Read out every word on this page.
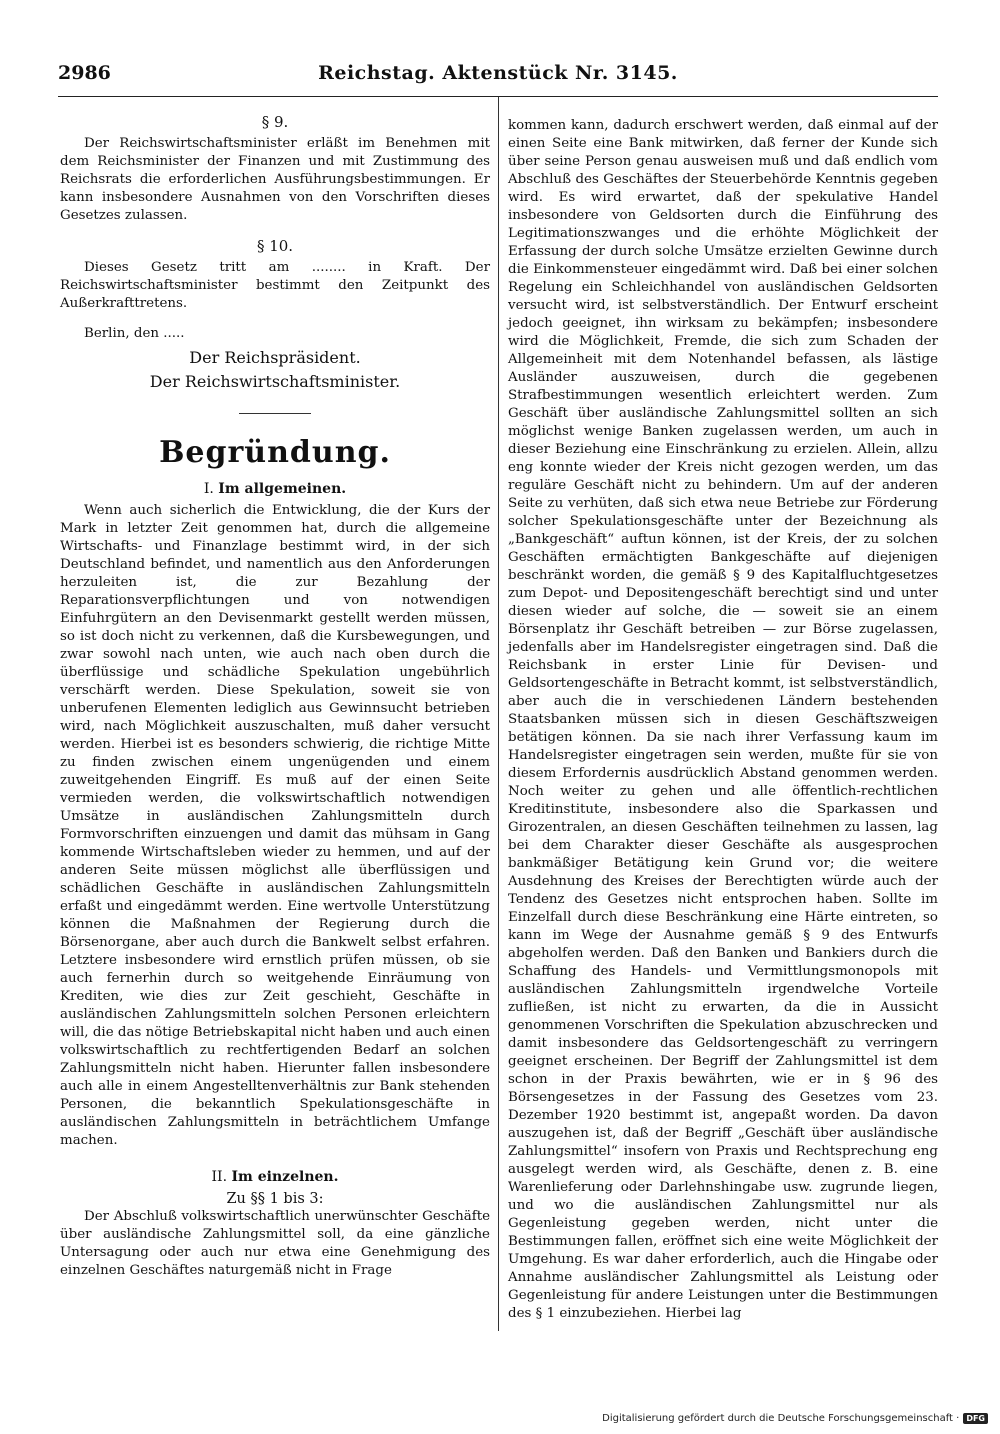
2986	Reichstag. Aktenstück Nr. 3145.
§ 9.

Der Reichswirtschaftsminister erläßt im Benehmen mit dem Reichsminister der Finanzen und mit Zustimmung des Reichsrats die erforderlichen Ausführungsbestimmungen. Er kann insbesondere Ausnahmen von den Vorschriften dieses Gesetzes zulassen.

§ 10.

Dieses Gesetz tritt am ........ in Kraft. Der Reichswirtschaftsminister bestimmt den Zeitpunkt des Außerkrafttretens.

Berlin, den .....

Der Reichspräsident.
Der Reichswirtschaftsminister.
Begründung.
I. Im allgemeinen.

Wenn auch sicherlich die Entwicklung, die der Kurs der Mark in letzter Zeit genommen hat, durch die allgemeine Wirtschafts- und Finanzlage bestimmt wird, in der sich Deutschland befindet, und namentlich aus den Anforderungen herzuleiten ist, die zur Bezahlung der Reparationsverpflichtungen und von notwendigen Einfuhrgütern an den Devisenmarkt gestellt werden müssen, so ist doch nicht zu verkennen, daß die Kursbewegungen, und zwar sowohl nach unten, wie auch nach oben durch die überflüssige und schädliche Spekulation ungebührlich verschärft werden. Diese Spekulation, soweit sie von unberufenen Elementen lediglich aus Gewinnsucht betrieben wird, nach Möglichkeit auszuschalten, muß daher versucht werden. Hierbei ist es besonders schwierig, die richtige Mitte zu finden zwischen einem ungenügenden und einem zuweitgehenden Eingriff. Es muß auf der einen Seite vermieden werden, die volkswirtschaftlich notwendigen Umsätze in ausländischen Zahlungsmitteln durch Formvorschriften einzuengen und damit das mühsam in Gang kommende Wirtschaftsleben wieder zu hemmen, und auf der anderen Seite müssen möglichst alle überflüssigen und schädlichen Geschäfte in ausländischen Zahlungsmitteln erfaßt und eingedämmt werden. Eine wertvolle Unterstützung können die Maßnahmen der Regierung durch die Börsenorgane, aber auch durch die Bankwelt selbst erfahren. Letztere insbesondere wird ernstlich prüfen müssen, ob sie auch fernerhin durch so weitgehende Einräumung von Krediten, wie dies zur Zeit geschieht, Geschäfte in ausländischen Zahlungsmitteln solchen Personen erleichtern will, die das nötige Betriebskapital nicht haben und auch einen volkswirtschaftlich zu rechtfertigenden Bedarf an solchen Zahlungsmitteln nicht haben. Hierunter fallen insbesondere auch alle in einem Angestelltenverhältnis zur Bank stehenden Personen, die bekanntlich Spekulationsgeschäfte in ausländischen Zahlungsmitteln in beträchtlichem Umfange machen.

II. Im einzelnen.
Zu §§ 1 bis 3:

Der Abschluß volkswirtschaftlich unerwünschter Geschäfte über ausländische Zahlungsmittel soll, da eine gänzliche Untersagung oder auch nur etwa eine Genehmigung des einzelnen Geschäftes naturgemäß nicht in Frage

kommen kann, dadurch erschwert werden, daß einmal auf der einen Seite eine Bank mitwirken, daß ferner der Kunde sich über seine Person genau ausweisen muß und daß endlich vom Abschluß des Geschäftes der Steuerbehörde Kenntnis gegeben wird. Es wird erwartet, daß der spekulative Handel insbesondere von Geldsorten durch die Einführung des Legitimationszwanges und die erhöhte Möglichkeit der Erfassung der durch solche Umsätze erzielten Gewinne durch die Einkommensteuer eingedämmt wird. Daß bei einer solchen Regelung ein Schleichhandel von ausländischen Geldsorten versucht wird, ist selbstverständlich. Der Entwurf erscheint jedoch geeignet, ihn wirksam zu bekämpfen; insbesondere wird die Möglichkeit, Fremde, die sich zum Schaden der Allgemeinheit mit dem Notenhandel befassen, als lästige Ausländer auszuweisen, durch die gegebenen Strafbestimmungen wesentlich erleichtert werden. Zum Geschäft über ausländische Zahlungsmittel sollten an sich möglichst wenige Banken zugelassen werden, um auch in dieser Beziehung eine Einschränkung zu erzielen. Allein, allzu eng konnte wieder der Kreis nicht gezogen werden, um das reguläre Geschäft nicht zu behindern. Um auf der anderen Seite zu verhüten, daß sich etwa neue Betriebe zur Förderung solcher Spekulationsgeschäfte unter der Bezeichnung als „Bankgeschäft“ auftun können, ist der Kreis, der zu solchen Geschäften ermächtigten Bankgeschäfte auf diejenigen beschränkt worden, die gemäß § 9 des Kapitalfluchtgesetzes zum Depot- und Depositengeschäft berechtigt sind und unter diesen wieder auf solche, die — soweit sie an einem Börsenplatz ihr Geschäft betreiben — zur Börse zugelassen, jedenfalls aber im Handelsregister eingetragen sind. Daß die Reichsbank in erster Linie für Devisen- und Geldsortengeschäfte in Betracht kommt, ist selbstverständlich, aber auch die in verschiedenen Ländern bestehenden Staatsbanken müssen sich in diesen Geschäftszweigen betätigen können. Da sie nach ihrer Verfassung kaum im Handelsregister eingetragen sein werden, mußte für sie von diesem Erfordernis ausdrücklich Abstand genommen werden. Noch weiter zu gehen und alle öffentlich-rechtlichen Kreditinstitute, insbesondere also die Sparkassen und Girozentralen, an diesen Geschäften teilnehmen zu lassen, lag bei dem Charakter dieser Geschäfte als ausgesprochen bankmäßiger Betätigung kein Grund vor; die weitere Ausdehnung des Kreises der Berechtigten würde auch der Tendenz des Gesetzes nicht entsprochen haben. Sollte im Einzelfall durch diese Beschränkung eine Härte eintreten, so kann im Wege der Ausnahme gemäß § 9 des Entwurfs abgeholfen werden. Daß den Banken und Bankiers durch die Schaffung des Handels- und Vermittlungsmonopols mit ausländischen Zahlungsmitteln irgendwelche Vorteile zufließen, ist nicht zu erwarten, da die in Aussicht genommenen Vorschriften die Spekulation abzuschrecken und damit insbesondere das Geldsortengeschäft zu verringern geeignet erscheinen. Der Begriff der Zahlungsmittel ist dem schon in der Praxis bewährten, wie er in § 96 des Börsengesetzes in der Fassung des Gesetzes vom 23. Dezember 1920 bestimmt ist, angepaßt worden. Da davon auszugehen ist, daß der Begriff „Geschäft über ausländische Zahlungsmittel“ insofern von Praxis und Rechtsprechung eng ausgelegt werden wird, als Geschäfte, denen z. B. eine Warenlieferung oder Darlehnshingabe usw. zugrunde liegen, und wo die ausländischen Zahlungsmittel nur als Gegenleistung gegeben werden, nicht unter die Bestimmungen fallen, eröffnet sich eine weite Möglichkeit der Umgehung. Es war daher erforderlich, auch die Hingabe oder Annahme ausländischer Zahlungsmittel als Leistung oder Gegenleistung für andere Leistungen unter die Bestimmungen des § 1 einzubeziehen. Hierbei lag

Digitalisierung gefördert durch die Deutsche Forschungsgemeinschaft · DFG
